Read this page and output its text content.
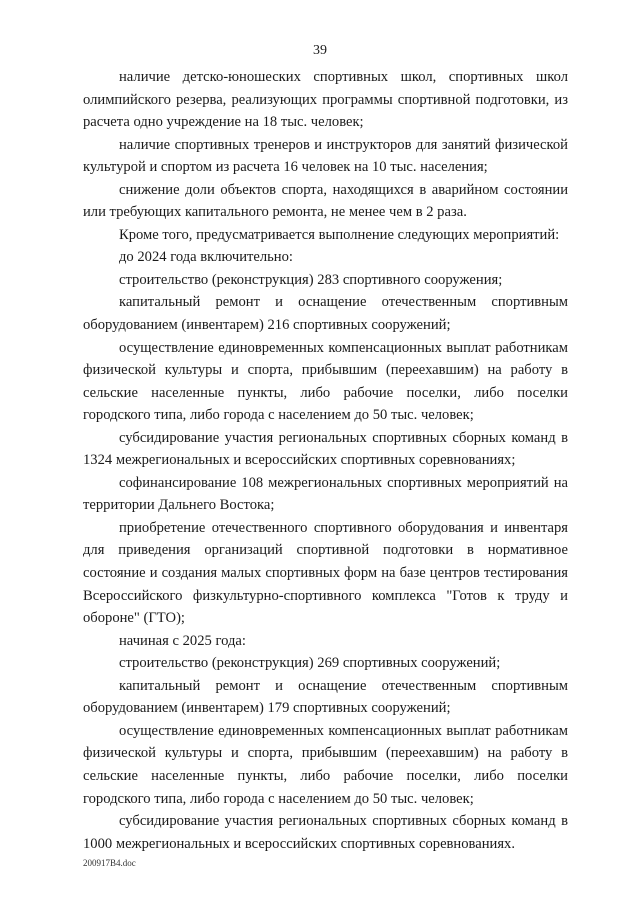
39

наличие детско-юношеских спортивных школ, спортивных школ олимпийского резерва, реализующих программы спортивной подготовки, из расчета одно учреждение на 18 тыс. человек;

наличие спортивных тренеров и инструкторов для занятий физической культурой и спортом из расчета 16 человек на 10 тыс. населения;

снижение доли объектов спорта, находящихся в аварийном состоянии или требующих капитального ремонта, не менее чем в 2 раза.

Кроме того, предусматривается выполнение следующих мероприятий:

до 2024 года включительно:

строительство (реконструкция) 283 спортивного сооружения;

капитальный ремонт и оснащение отечественным спортивным оборудованием (инвентарем) 216 спортивных сооружений;

осуществление единовременных компенсационных выплат работникам физической культуры и спорта, прибывшим (переехавшим) на работу в сельские населенные пункты, либо рабочие поселки, либо поселки городского типа, либо города с населением до 50 тыс. человек;

субсидирование участия региональных спортивных сборных команд в 1324 межрегиональных и всероссийских спортивных соревнованиях;

софинансирование 108 межрегиональных спортивных мероприятий на территории Дальнего Востока;

приобретение отечественного спортивного оборудования и инвентаря для приведения организаций спортивной подготовки в нормативное состояние и создания малых спортивных форм на базе центров тестирования Всероссийского физкультурно-спортивного комплекса "Готов к труду и обороне" (ГТО);

начиная с 2025 года:

строительство (реконструкция) 269 спортивных сооружений;

капитальный ремонт и оснащение отечественным спортивным оборудованием (инвентарем) 179 спортивных сооружений;

осуществление единовременных компенсационных выплат работникам физической культуры и спорта, прибывшим (переехавшим) на работу в сельские населенные пункты, либо рабочие поселки, либо поселки городского типа, либо города с населением до 50 тыс. человек;

субсидирование участия региональных спортивных сборных команд в 1000 межрегиональных и всероссийских спортивных соревнованиях.

200917B4.doc
